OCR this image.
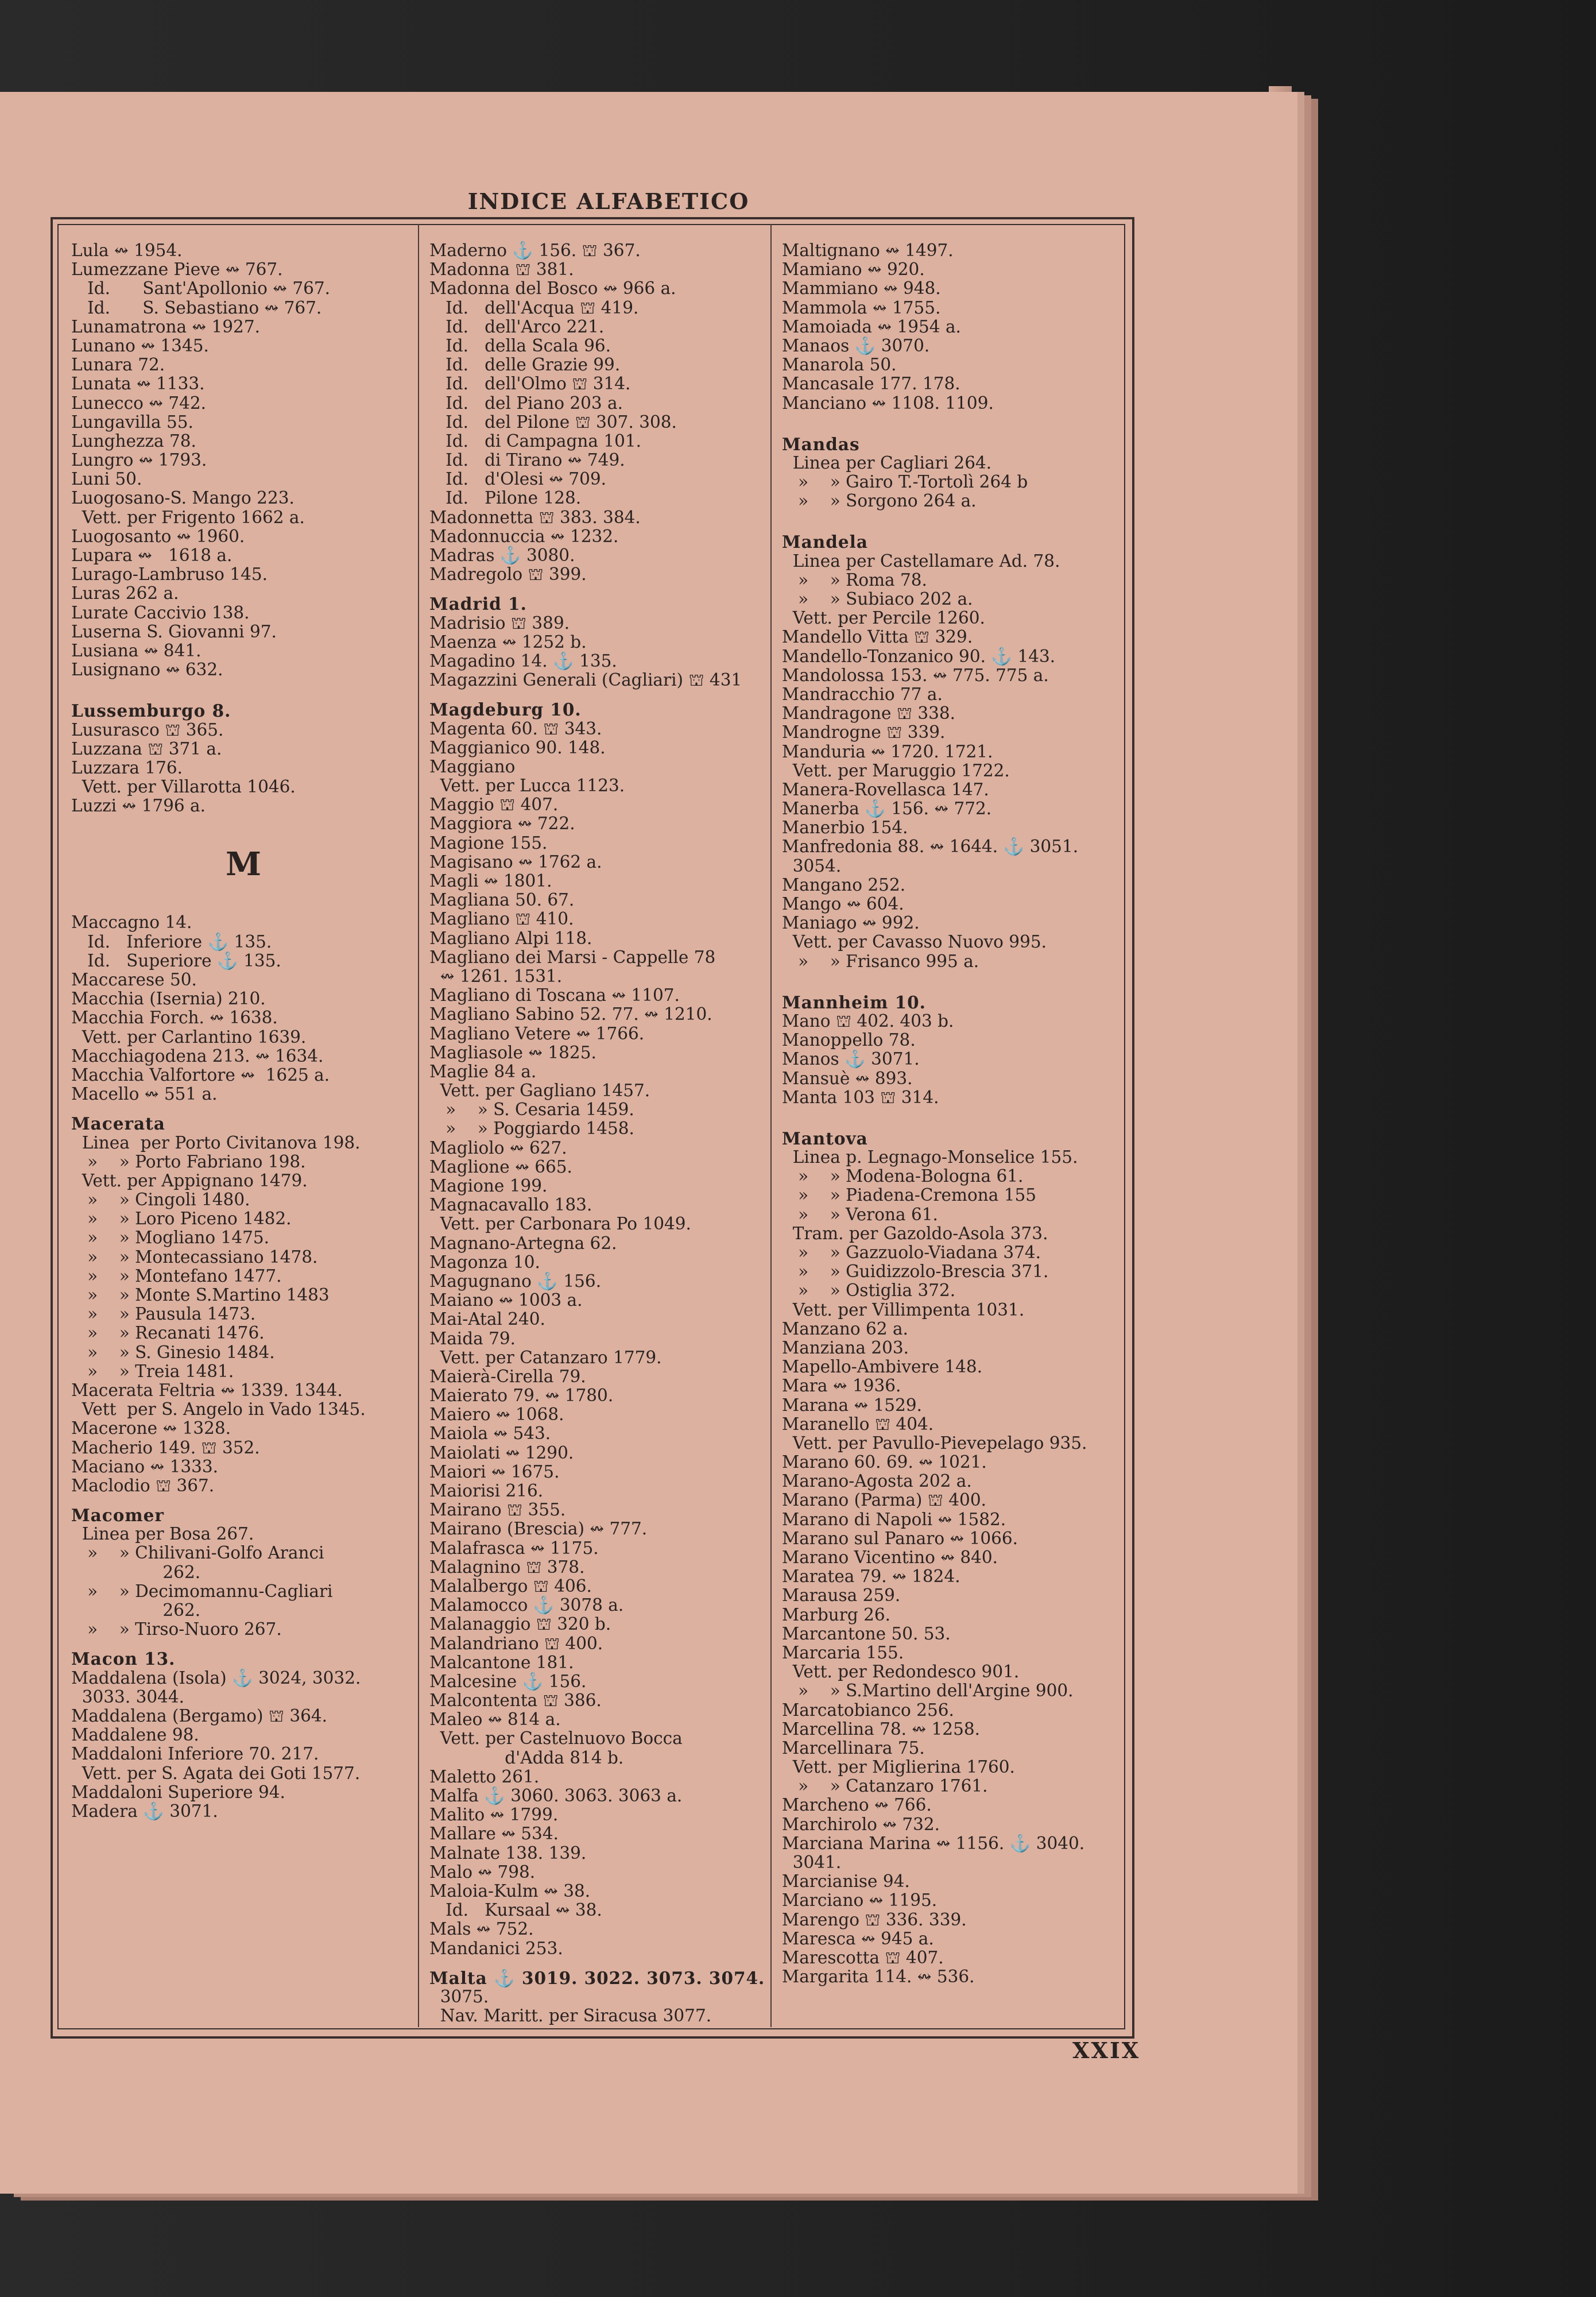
INDICE ALFABETICO
Lula ↭ 1954.
Lumezzane Pieve ↭ 767.
Id.      Sant'Apollonio ↭ 767.
Id.      S. Sebastiano ↭ 767.
Lunamatrona ↭ 1927.
Lunano ↭ 1345.
Lunara 72.
Lunata ↭ 1133.
Lunecco ↭ 742.
Lungavilla 55.
Lunghezza 78.
Lungro ↭ 1793.
Luni 50.
Luogosano-S. Mango 223.
Vett. per Frigento 1662 a.
Luogosanto ↭ 1960.
Lupara ↭   1618 a.
Lurago-Lambruso 145.
Luras 262 a.
Lurate Caccivio 138.
Luserna S. Giovanni 97.
Lusiana ↭ 841.
Lusignano ↭ 632.
Lussemburgo 8.
Lusurasco ⛫ 365.
Luzzana ⛫ 371 a.
Luzzara 176.
Vett. per Villarotta 1046.
Luzzi ↭ 1796 a.
M
Maccagno 14.
Id.   Inferiore ⚓ 135.
Id.   Superiore ⚓ 135.
Maccarese 50.
Macchia (Isernia) 210.
Macchia Forch. ↭ 1638.
Vett. per Carlantino 1639.
Macchiagodena 213. ↭ 1634.
Macchia Valfortore ↭  1625 a.
Macello ↭ 551 a.
Macerata
Linea  per Porto Civitanova 198.
»    » Porto Fabriano 198.
Vett. per Appignano 1479.
»    » Cingoli 1480.
»    » Loro Piceno 1482.
»    » Mogliano 1475.
»    » Montecassiano 1478.
»    » Montefano 1477.
»    » Monte S.Martino 1483
»    » Pausula 1473.
»    » Recanati 1476.
»    » S. Ginesio 1484.
»    » Treia 1481.
Macerata Feltria ↭ 1339. 1344.
Vett  per S. Angelo in Vado 1345.
Macerone ↭ 1328.
Macherio 149. ⛫ 352.
Maciano ↭ 1333.
Maclodio ⛫ 367.
Macomer
Linea per Bosa 267.
»    » Chilivani-Golfo Aranci
262.
»    » Decimomannu-Cagliari
262.
»    » Tirso-Nuoro 267.
Macon 13.
Maddalena (Isola) ⚓ 3024, 3032.
3033. 3044.
Maddalena (Bergamo) ⛫ 364.
Maddalene 98.
Maddaloni Inferiore 70. 217.
Vett. per S. Agata dei Goti 1577.
Maddaloni Superiore 94.
Madera ⚓ 3071.
Maderno ⚓ 156. ⛫ 367.
Madonna ⛫ 381.
Madonna del Bosco ↭ 966 a.
Id.   dell'Acqua ⛫ 419.
Id.   dell'Arco 221.
Id.   della Scala 96.
Id.   delle Grazie 99.
Id.   dell'Olmo ⛫ 314.
Id.   del Piano 203 a.
Id.   del Pilone ⛫ 307. 308.
Id.   di Campagna 101.
Id.   di Tirano ↭ 749.
Id.   d'Olesi ↭ 709.
Id.   Pilone 128.
Madonnetta ⛫ 383. 384.
Madonnuccia ↭ 1232.
Madras ⚓ 3080.
Madregolo ⛫ 399.
Madrid 1.
Madrisio ⛫ 389.
Maenza ↭ 1252 b.
Magadino 14. ⚓ 135.
Magazzini Generali (Cagliari) ⛫ 431
Magdeburg 10.
Magenta 60. ⛫ 343.
Maggianico 90. 148.
Maggiano
Vett. per Lucca 1123.
Maggio ⛫ 407.
Maggiora ↭ 722.
Magione 155.
Magisano ↭ 1762 a.
Magli ↭ 1801.
Magliana 50. 67.
Magliano ⛫ 410.
Magliano Alpi 118.
Magliano dei Marsi - Cappelle 78
↭ 1261. 1531.
Magliano di Toscana ↭ 1107.
Magliano Sabino 52. 77. ↭ 1210.
Magliano Vetere ↭ 1766.
Magliasole ↭ 1825.
Maglie 84 a.
Vett. per Gagliano 1457.
»    » S. Cesaria 1459.
»    » Poggiardo 1458.
Magliolo ↭ 627.
Maglione ↭ 665.
Magione 199.
Magnacavallo 183.
Vett. per Carbonara Po 1049.
Magnano-Artegna 62.
Magonza 10.
Magugnano ⚓ 156.
Maiano ↭ 1003 a.
Mai-Atal 240.
Maida 79.
Vett. per Catanzaro 1779.
Maierà-Cirella 79.
Maierato 79. ↭ 1780.
Maiero ↭ 1068.
Maiola ↭ 543.
Maiolati ↭ 1290.
Maiori ↭ 1675.
Maiorisi 216.
Mairano ⛫ 355.
Mairano (Brescia) ↭ 777.
Malafrasca ↭ 1175.
Malagnino ⛫ 378.
Malalbergo ⛫ 406.
Malamocco ⚓ 3078 a.
Malanaggio ⛫ 320 b.
Malandriano ⛫ 400.
Malcantone 181.
Malcesine ⚓ 156.
Malcontenta ⛫ 386.
Maleo ↭ 814 a.
Vett. per Castelnuovo Bocca
d'Adda 814 b.
Maletto 261.
Malfa ⚓ 3060. 3063. 3063 a.
Malito ↭ 1799.
Mallare ↭ 534.
Malnate 138. 139.
Malo ↭ 798.
Maloia-Kulm ↭ 38.
Id.   Kursaal ↭ 38.
Mals ↭ 752.
Mandanici 253.
Malta ⚓ 3019. 3022. 3073. 3074.
3075.
Nav. Maritt. per Siracusa 3077.
Maltignano ↭ 1497.
Mamiano ↭ 920.
Mammiano ↭ 948.
Mammola ↭ 1755.
Mamoiada ↭ 1954 a.
Manaos ⚓ 3070.
Manarola 50.
Mancasale 177. 178.
Manciano ↭ 1108. 1109.
Mandas
Linea per Cagliari 264.
»    » Gairo T.-Tortolì 264 b
»    » Sorgono 264 a.
Mandela
Linea per Castellamare Ad. 78.
»    » Roma 78.
»    » Subiaco 202 a.
Vett. per Percile 1260.
Mandello Vitta ⛫ 329.
Mandello-Tonzanico 90. ⚓ 143.
Mandolossa 153. ↭ 775. 775 a.
Mandracchio 77 a.
Mandragone ⛫ 338.
Mandrogne ⛫ 339.
Manduria ↭ 1720. 1721.
Vett. per Maruggio 1722.
Manera-Rovellasca 147.
Manerba ⚓ 156. ↭ 772.
Manerbio 154.
Manfredonia 88. ↭ 1644. ⚓ 3051.
3054.
Mangano 252.
Mango ↭ 604.
Maniago ↭ 992.
Vett. per Cavasso Nuovo 995.
»    » Frisanco 995 a.
Mannheim 10.
Mano ⛫ 402. 403 b.
Manoppello 78.
Manos ⚓ 3071.
Mansuè ↭ 893.
Manta 103 ⛫ 314.
Mantova
Linea p. Legnago-Monselice 155.
»    » Modena-Bologna 61.
»    » Piadena-Cremona 155
»    » Verona 61.
Tram. per Gazoldo-Asola 373.
»    » Gazzuolo-Viadana 374.
»    » Guidizzolo-Brescia 371.
»    » Ostiglia 372.
Vett. per Villimpenta 1031.
Manzano 62 a.
Manziana 203.
Mapello-Ambivere 148.
Mara ↭ 1936.
Marana ↭ 1529.
Maranello ⛫ 404.
Vett. per Pavullo-Pievepelago 935.
Marano 60. 69. ↭ 1021.
Marano-Agosta 202 a.
Marano (Parma) ⛫ 400.
Marano di Napoli ↭ 1582.
Marano sul Panaro ↭ 1066.
Marano Vicentino ↭ 840.
Maratea 79. ↭ 1824.
Marausa 259.
Marburg 26.
Marcantone 50. 53.
Marcaria 155.
Vett. per Redondesco 901.
»    » S.Martino dell'Argine 900.
Marcatobianco 256.
Marcellina 78. ↭ 1258.
Marcellinara 75.
Vett. per Miglierina 1760.
»    » Catanzaro 1761.
Marcheno ↭ 766.
Marchirolo ↭ 732.
Marciana Marina ↭ 1156. ⚓ 3040.
3041.
Marcianise 94.
Marciano ↭ 1195.
Marengo ⛫ 336. 339.
Maresca ↭ 945 a.
Marescotta ⛫ 407.
Margarita 114. ↭ 536.
XXIX
